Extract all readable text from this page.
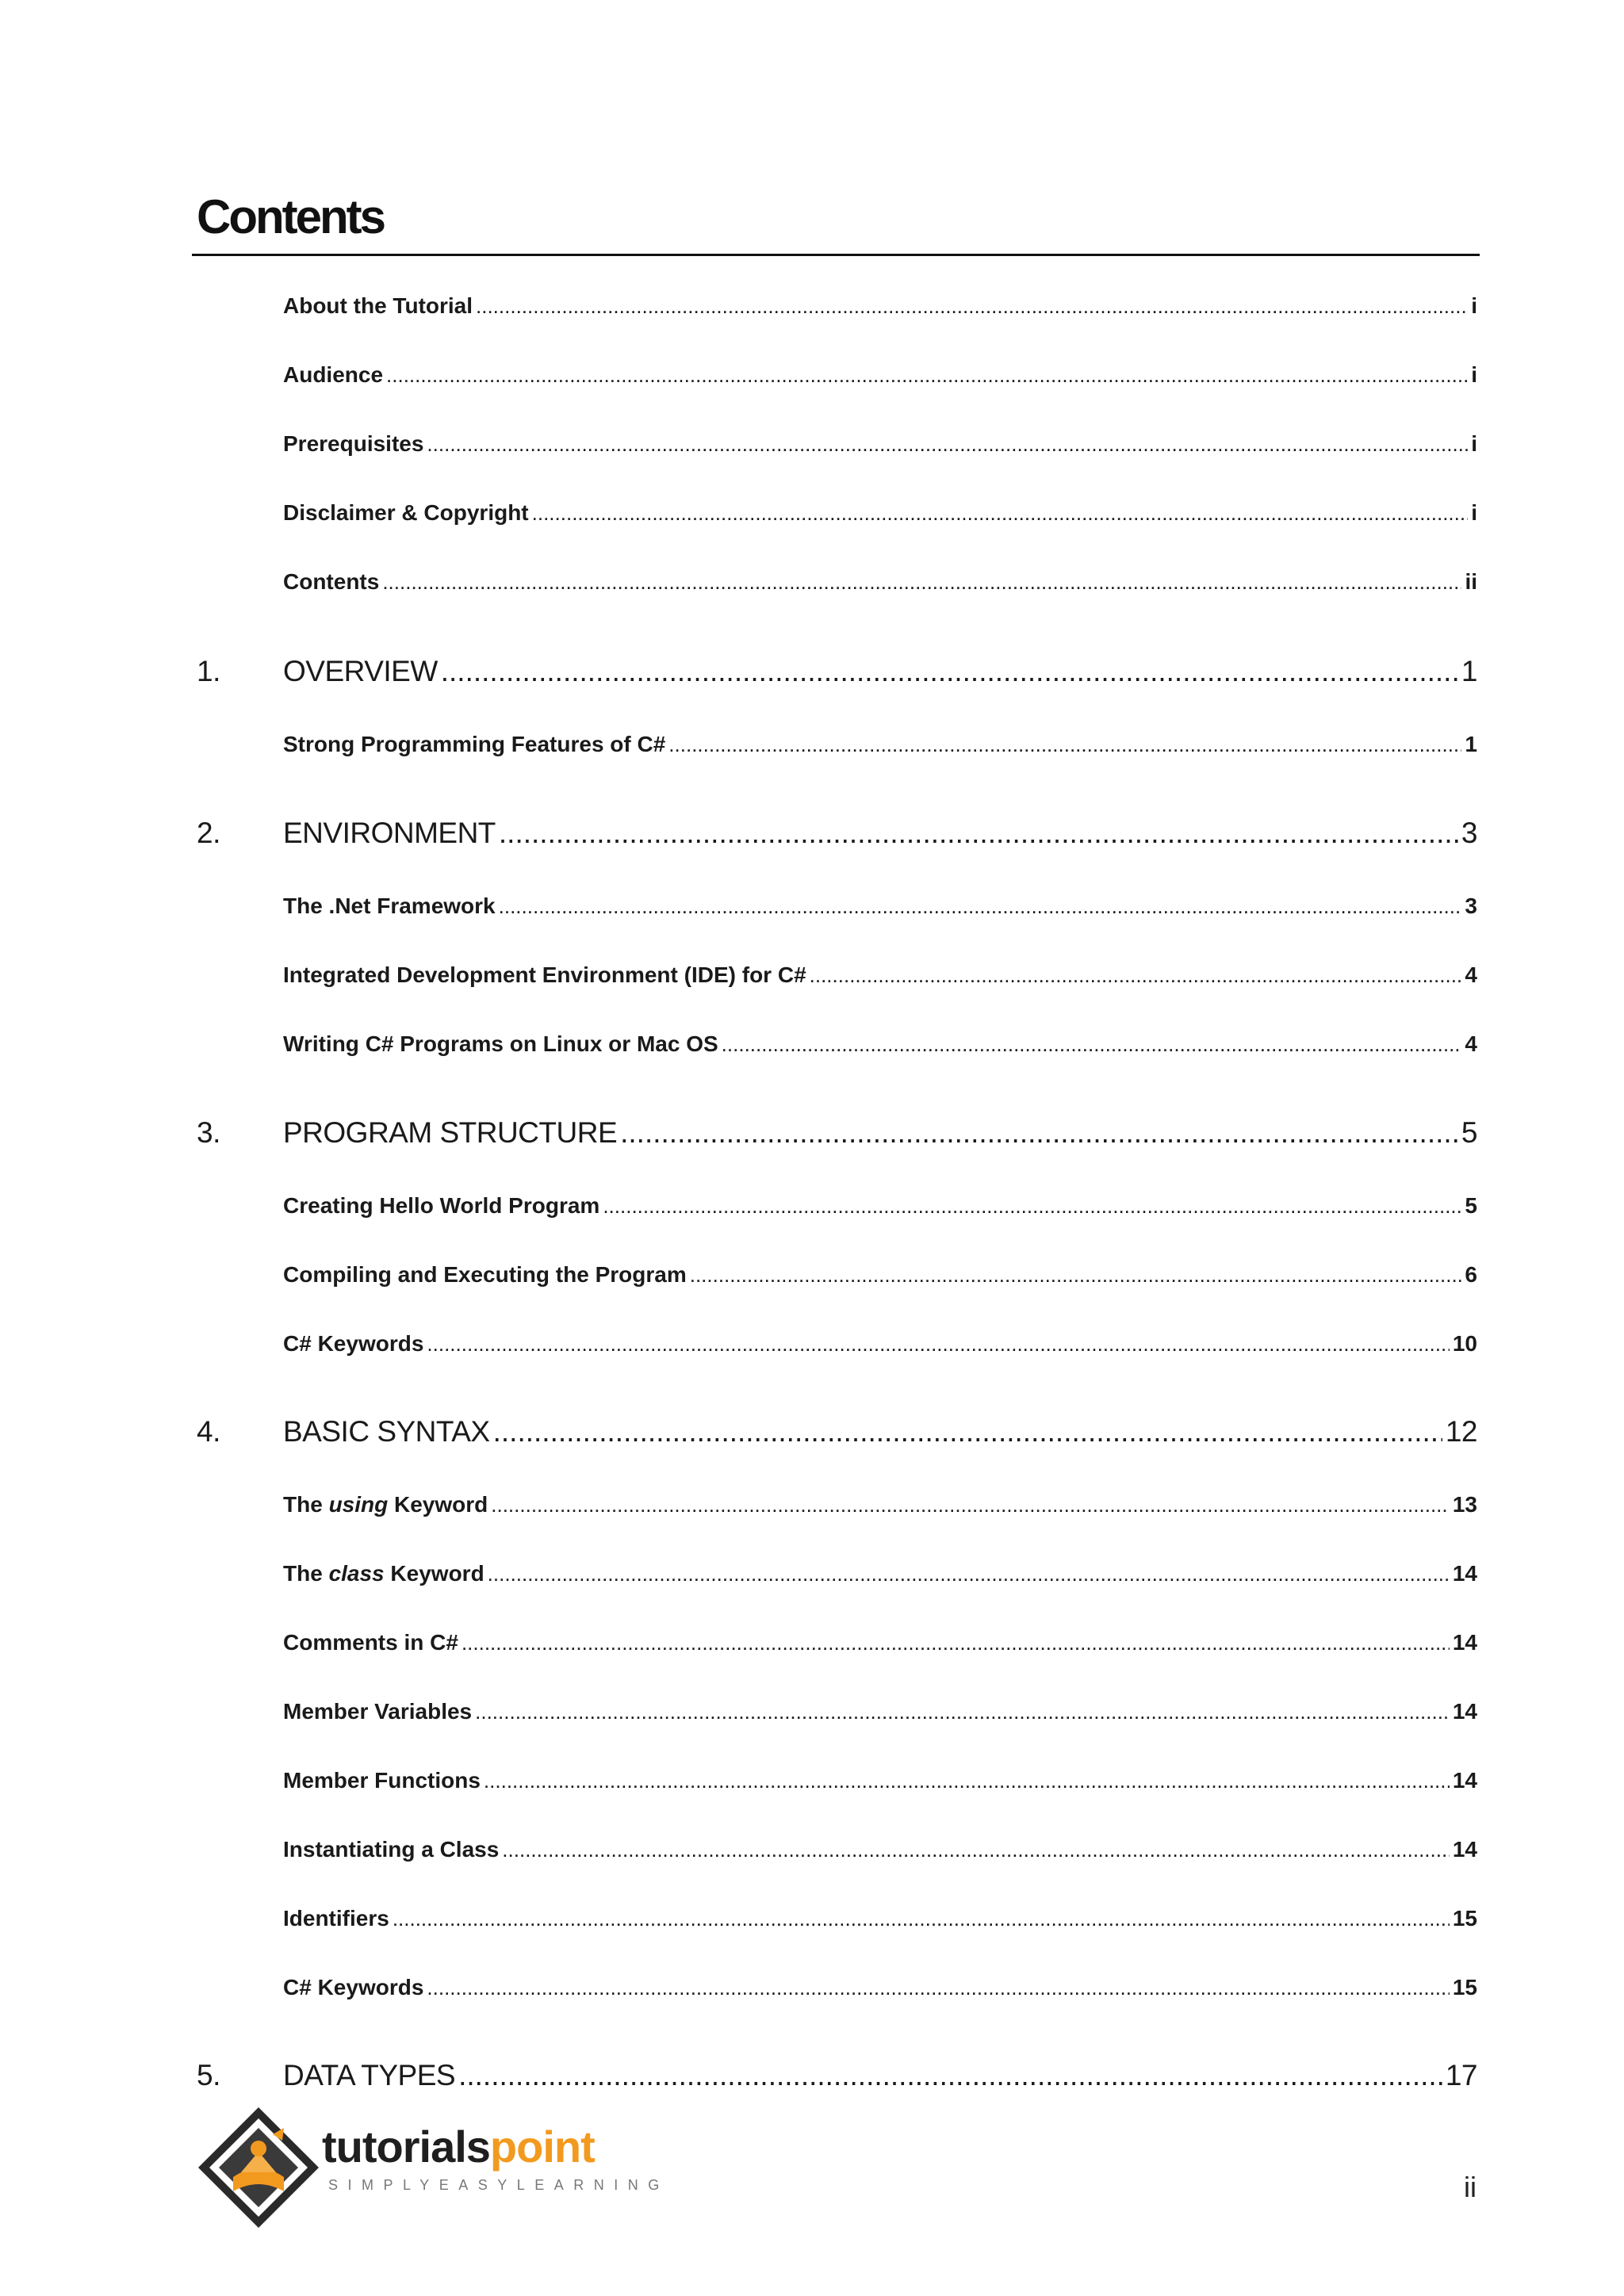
Contents
About the Tutorial .....	i
Audience .....	i
Prerequisites .....	i
Disclaimer & Copyright .....	i
Contents .....	ii
1.	OVERVIEW .....	1
Strong Programming Features of C# .....	1
2.	ENVIRONMENT .....	3
The .Net Framework .....	3
Integrated Development Environment (IDE) for C# .....	4
Writing C# Programs on Linux or Mac OS .....	4
3.	PROGRAM STRUCTURE .....	5
Creating Hello World Program .....	5
Compiling and Executing the Program .....	6
C# Keywords .....	10
4.	BASIC SYNTAX .....	12
The using Keyword .....	13
The class Keyword .....	14
Comments in C# .....	14
Member Variables .....	14
Member Functions .....	14
Instantiating a Class .....	14
Identifiers .....	15
C# Keywords .....	15
5.	DATA TYPES .....	17
tutorialspoint
SIMPLYEASYLEARNING	ii
